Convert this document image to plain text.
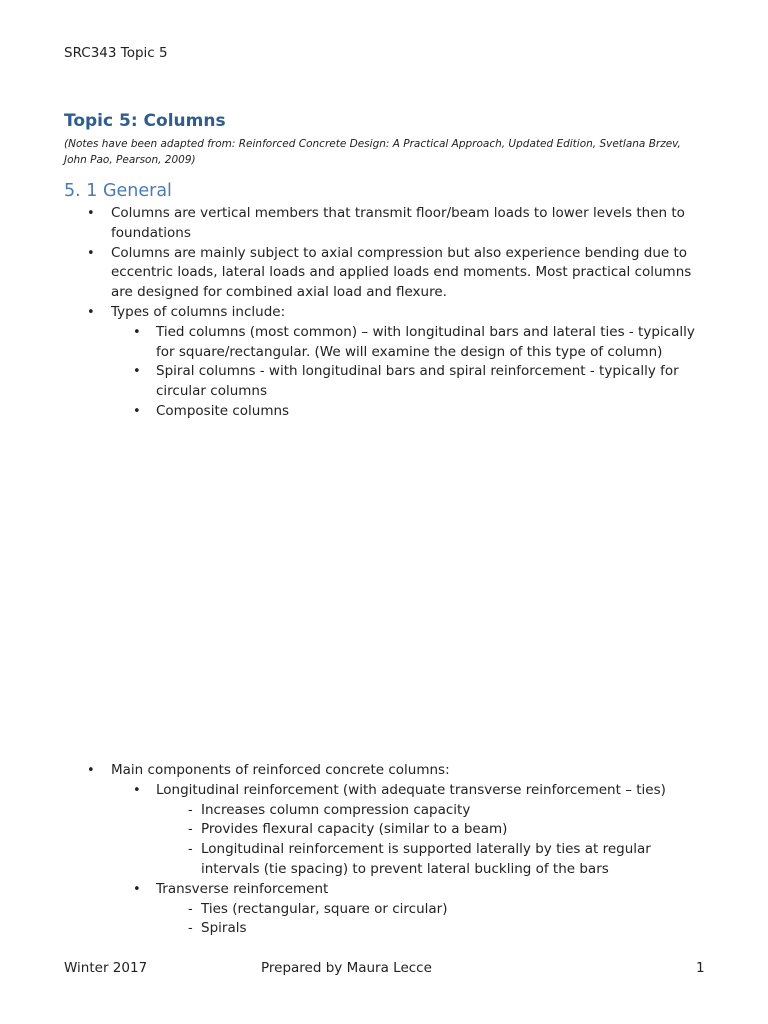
SRC343 Topic 5
Topic 5: Columns
(Notes have been adapted from: Reinforced Concrete Design: A Practical Approach, Updated Edition, Svetlana Brzev, John Pao, Pearson, 2009)
5. 1 General
• Columns are vertical members that transmit floor/beam loads to lower levels then to foundations
• Columns are mainly subject to axial compression but also experience bending due to eccentric loads, lateral loads and applied loads end moments. Most practical columns are designed for combined axial load and flexure.
• Types of columns include:
• Tied columns (most common) – with longitudinal bars and lateral ties - typically for square/rectangular. (We will examine the design of this type of column)
• Spiral columns - with longitudinal bars and spiral reinforcement - typically for circular columns
• Composite columns
• Main components of reinforced concrete columns:
• Longitudinal reinforcement (with adequate transverse reinforcement – ties)
- Increases column compression capacity
- Provides flexural capacity (similar to a beam)
- Longitudinal reinforcement is supported laterally by ties at regular intervals (tie spacing) to prevent lateral buckling of the bars
• Transverse reinforcement
- Ties (rectangular, square or circular)
- Spirals
Winter 2017	Prepared by Maura Lecce	1
